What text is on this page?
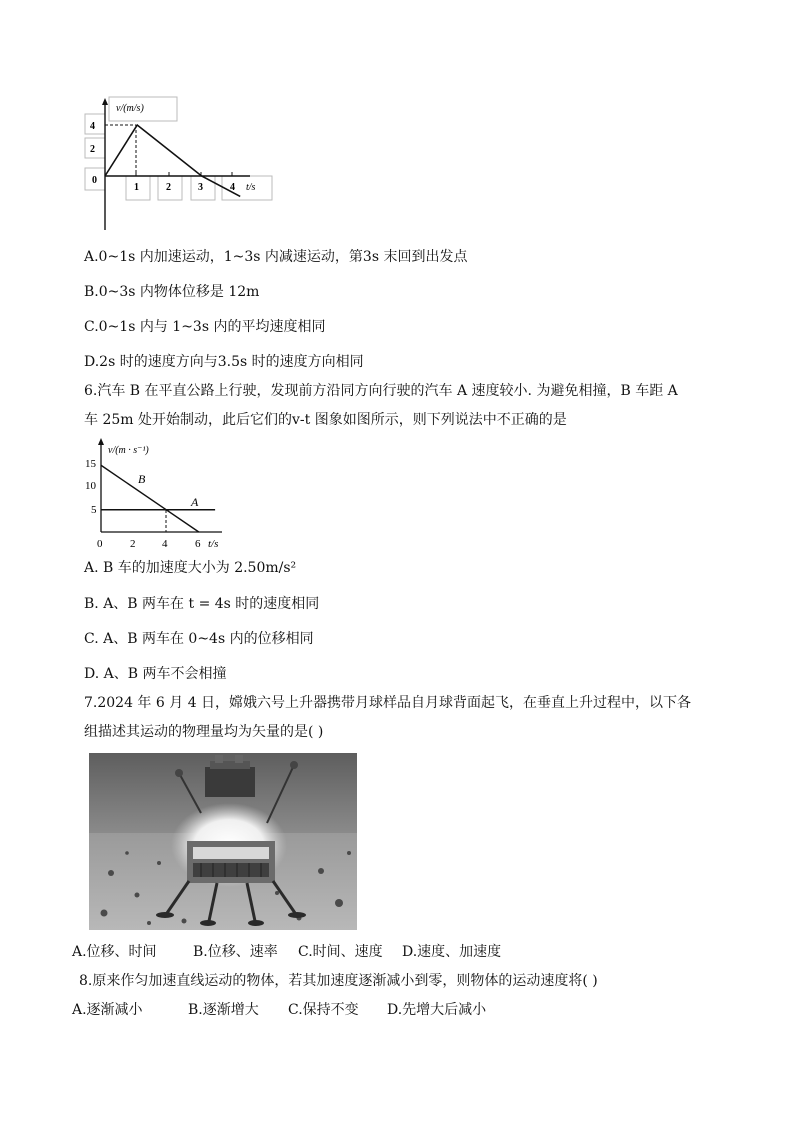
v/(m/s)
4
2
0
1	2	3	4 t/s
A.0~1s 内加速运动，1~3s 内减速运动，第3s 末回到出发点
B.0~3s 内物体位移是 12m
C.0~1s 内与 1~3s 内的平均速度相同
D.2s 时的速度方向与3.5s 时的速度方向相同
6.汽车 B 在平直公路上行驶，发现前方沿同方向行驶的汽车 A 速度较小. 为避免相撞，B 车距 A
车 25m 处开始制动，此后它们的v-t 图象如图所示，则下列说法中不正确的是
v/(m · s⁻¹)
15
10
5
0	2 4	6 t/s
B
A
A. B 车的加速度大小为 2.50m/s²
B. A、B 两车在 t = 4s 时的速度相同
C. A、B 两车在 0~4s 内的位移相同
D. A、B 两车不会相撞
7.2024 年 6 月 4 日，嫦娥六号上升器携带月球样品自月球背面起飞，在垂直上升过程中，以下各
组描述其运动的物理量均为矢量的是( )
A.位移、时间	B.位移、速率 C.时间、速度 D.速度、加速度
8.原来作匀加速直线运动的物体，若其加速度逐渐减小到零，则物体的运动速度将( )
A.逐渐减小	B.逐渐增大 C.保持不变 D.先增大后减小
